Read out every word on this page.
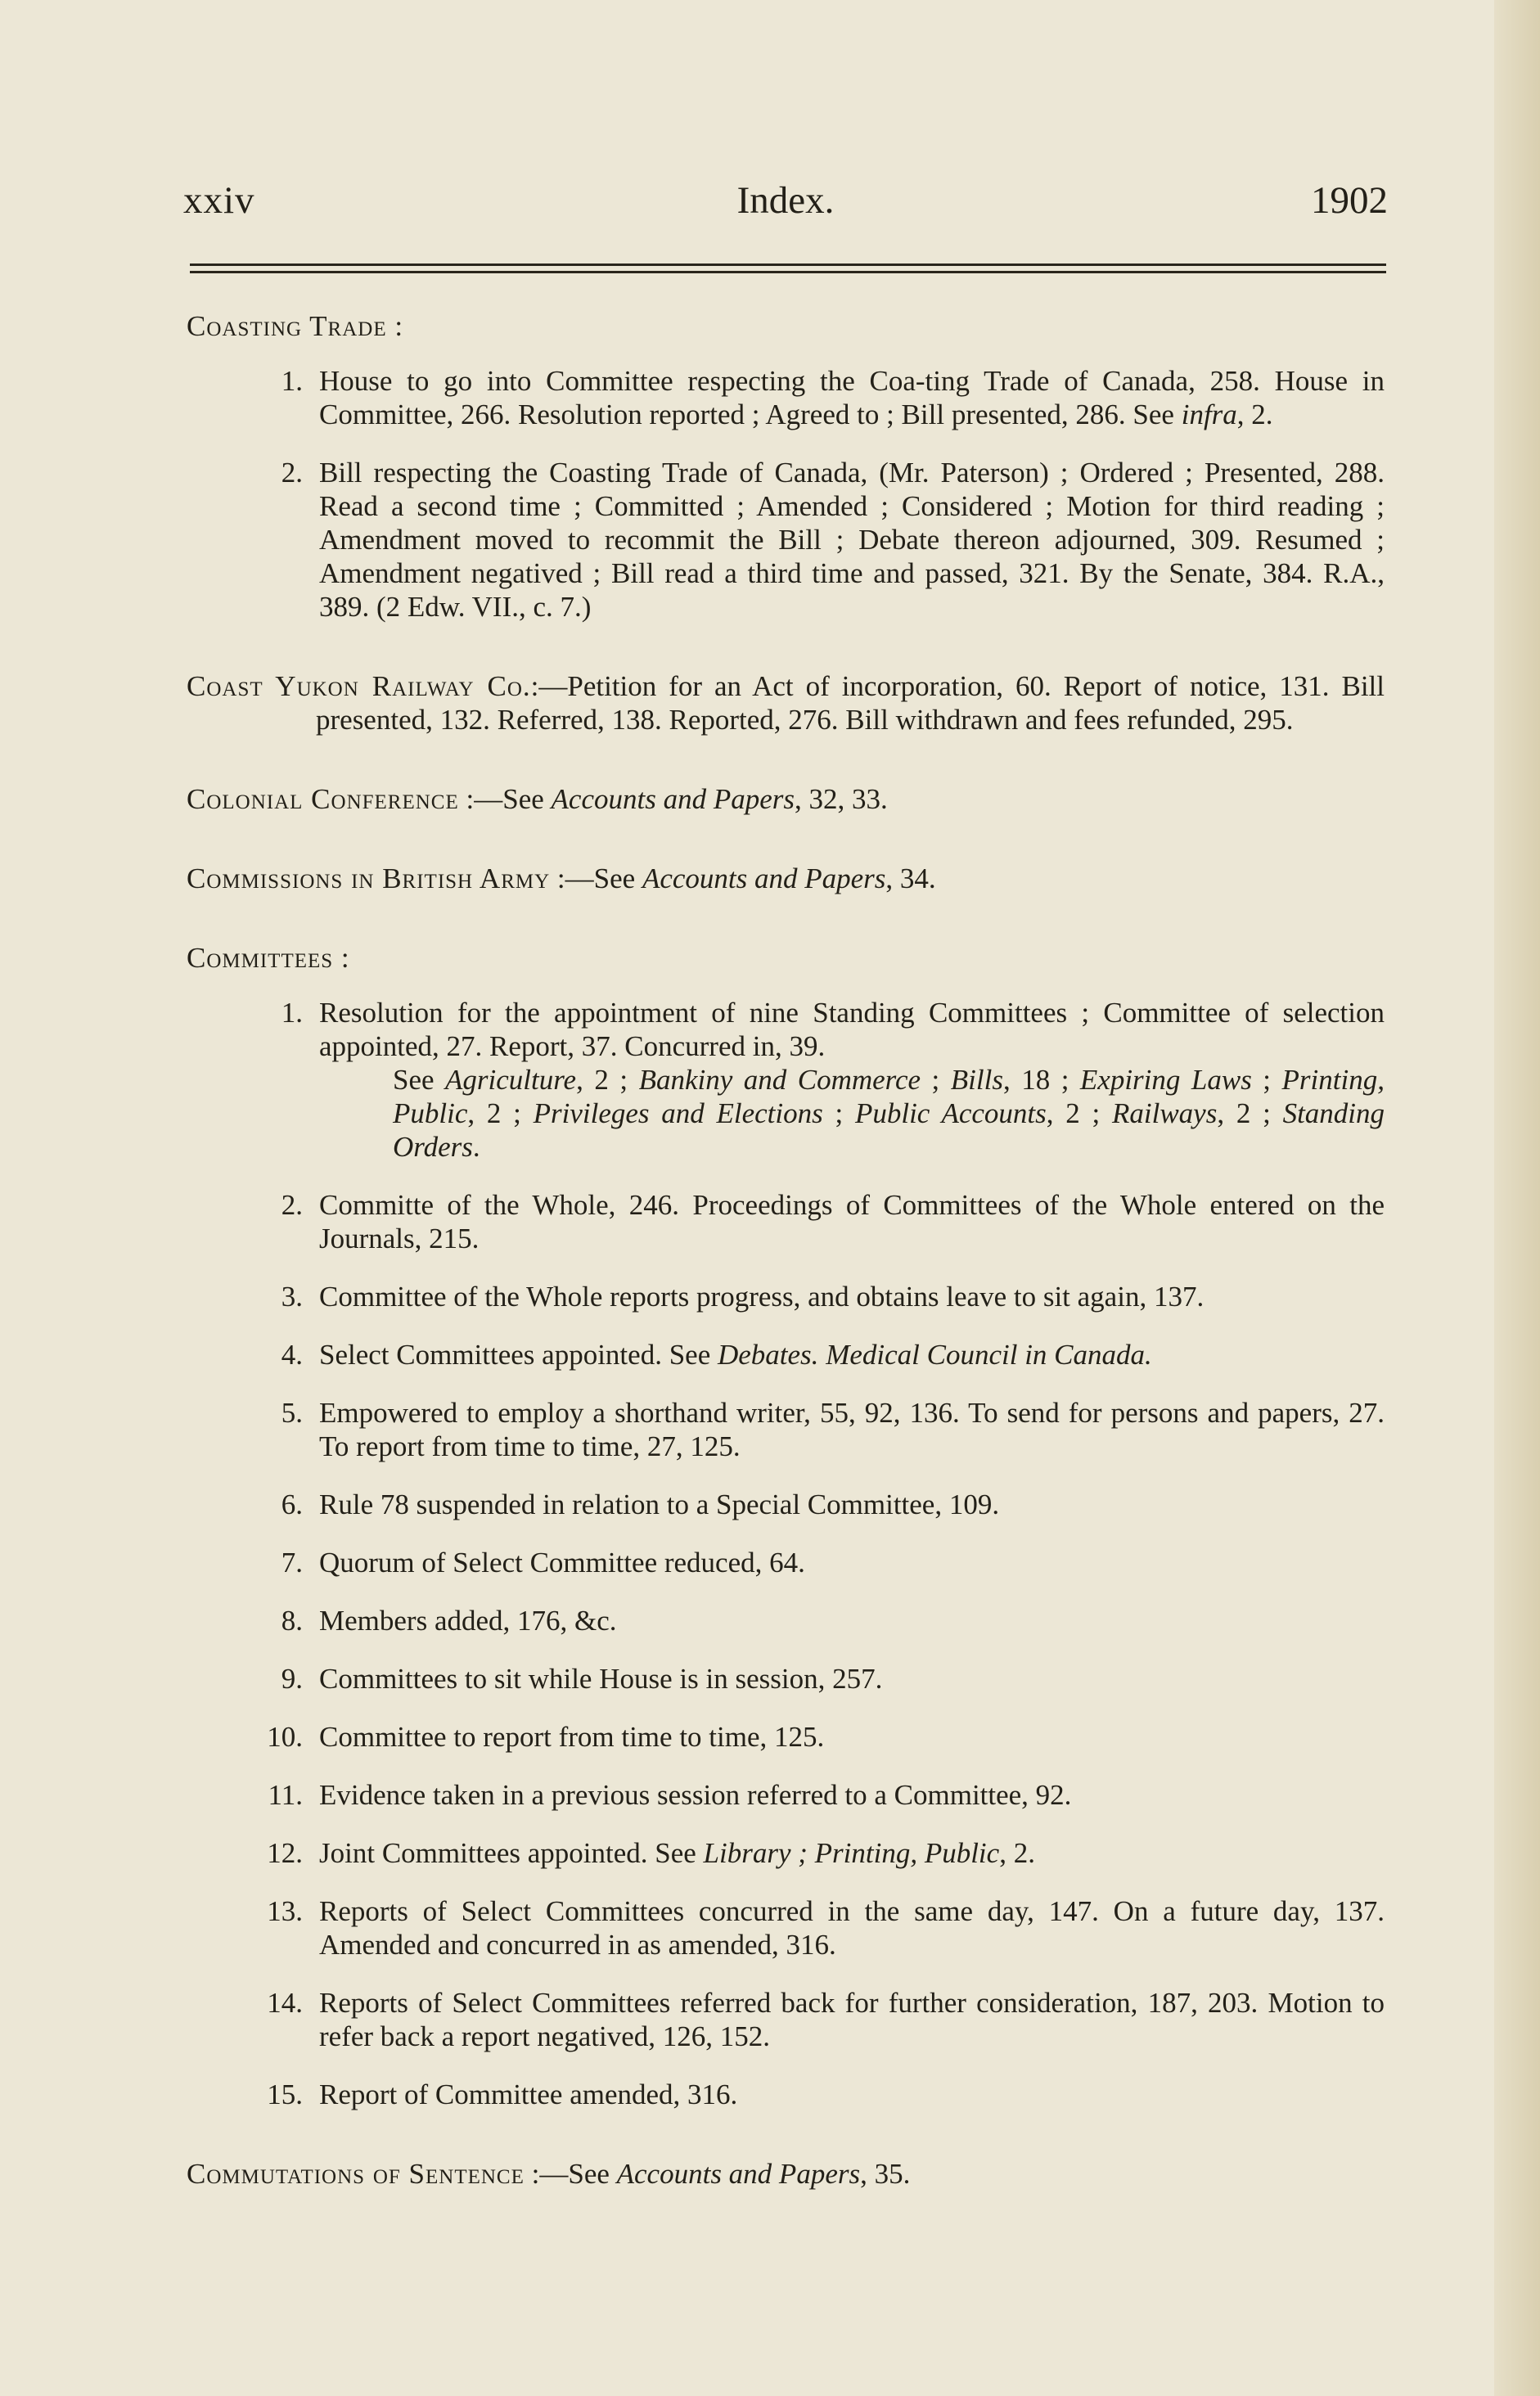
xxiv	Index.	1902
Coasting Trade :
1. House to go into Committee respecting the Coa-ting Trade of Canada, 258. House in Committee, 266. Resolution reported ; Agreed to ; Bill presented, 286. See infra, 2.
2. Bill respecting the Coasting Trade of Canada, (Mr. Paterson) ; Ordered ; Presented, 288. Read a second time ; Committed ; Amended ; Considered ; Motion for third reading ; Amendment moved to recommit the Bill ; Debate thereon adjourned, 309. Resumed ; Amendment negatived ; Bill read a third time and passed, 321. By the Senate, 384. R.A., 389. (2 Edw. VII., c. 7.)
Coast Yukon Railway Co.:—Petition for an Act of incorporation, 60. Report of notice, 131. Bill presented, 132. Referred, 138. Reported, 276. Bill withdrawn and fees refunded, 295.
Colonial Conference :—See Accounts and Papers, 32, 33.
Commissions in British Army :—See Accounts and Papers, 34.
Committees :
1. Resolution for the appointment of nine Standing Committees ; Committee of selection appointed, 27. Report, 37. Concurred in, 39.
See Agriculture, 2 ; Bankiny and Commerce ; Bills, 18 ; Expiring Laws ; Printing, Public, 2 ; Privileges and Elections ; Public Accounts, 2 ; Railways, 2 ; Standing Orders.
2. Committe of the Whole, 246. Proceedings of Committees of the Whole entered on the Journals, 215.
3. Committee of the Whole reports progress, and obtains leave to sit again, 137.
4. Select Committees appointed. See Debates. Medical Council in Canada.
5. Empowered to employ a shorthand writer, 55, 92, 136. To send for persons and papers, 27. To report from time to time, 27, 125.
6. Rule 78 suspended in relation to a Special Committee, 109.
7. Quorum of Select Committee reduced, 64.
8. Members added, 176, &c.
9. Committees to sit while House is in session, 257.
10. Committee to report from time to time, 125.
11. Evidence taken in a previous session referred to a Committee, 92.
12. Joint Committees appointed. See Library ; Printing, Public, 2.
13. Reports of Select Committees concurred in the same day, 147. On a future day, 137. Amended and concurred in as amended, 316.
14. Reports of Select Committees referred back for further consideration, 187, 203. Motion to refer back a report negatived, 126, 152.
15. Report of Committee amended, 316.
Commutations of Sentence :—See Accounts and Papers, 35.
